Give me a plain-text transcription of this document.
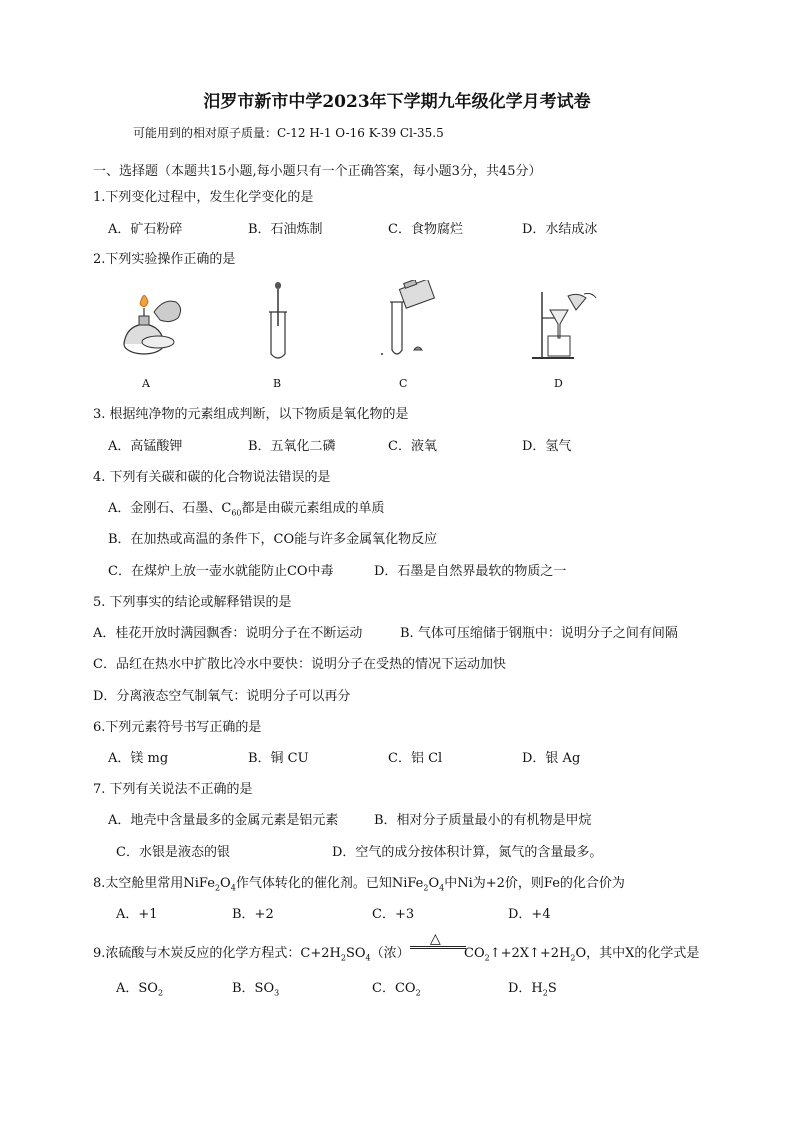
汨罗市新市中学2023年下学期九年级化学月考试卷
可能用到的相对原子质量：C-12 H-1 O-16 K-39 Cl-35.5
一、选择题（本题共15小题,每小题只有一个正确答案，每小题3分，共45分）
1.下列变化过程中，发生化学变化的是
A．矿石粉碎	B．石油炼制	C．食物腐烂	D．水结成冰
2.下列实验操作正确的是
A	B	C	D
3. 根据纯净物的元素组成判断，以下物质是氧化物的是
A．高锰酸钾	B．五氧化二磷	C．液氧	D．氢气
4. 下列有关碳和碳的化合物说法错误的是
A．金刚石、石墨、$C_{60}$都是由碳元素组成的单质
B．在加热或高温的条件下，CO能与许多金属氧化物反应
C．在煤炉上放一壶水就能防止CO中毒	D．石墨是自然界最软的物质之一
5. 下列事实的结论或解释错误的是
A．桂花开放时满园飘香：说明分子在不断运动	B. 气体可压缩储于钢瓶中：说明分子之间有间隔
C．品红在热水中扩散比冷水中要快：说明分子在受热的情况下运动加快
D．分离液态空气制氧气：说明分子可以再分
6.下列元素符号书写正确的是
A．镁 mg	B．铜 CU	C．铝 Cl	D．银 Ag
7. 下列有关说法不正确的是
A．地壳中含量最多的金属元素是铝元素	B．相对分子质量最小的有机物是甲烷
C．水银是液态的银	D．空气的成分按体积计算，氮气的含量最多。
8.太空舱里常用$NiFe_2O_4$作气体转化的催化剂。已知$NiFe_2O_4$中Ni为+2价，则Fe的化合价为
A．+1	B．+2	C．+3	D．+4
9.浓硫酸与木炭反应的化学方程式：$C+2H_2SO_4$（浓）
△
$CO_2↑+2X↑+2H_2O$，其中X的化学式是
A．$SO_2$	B．$SO_3$	C．$CO_2$	D．$H_2S$
